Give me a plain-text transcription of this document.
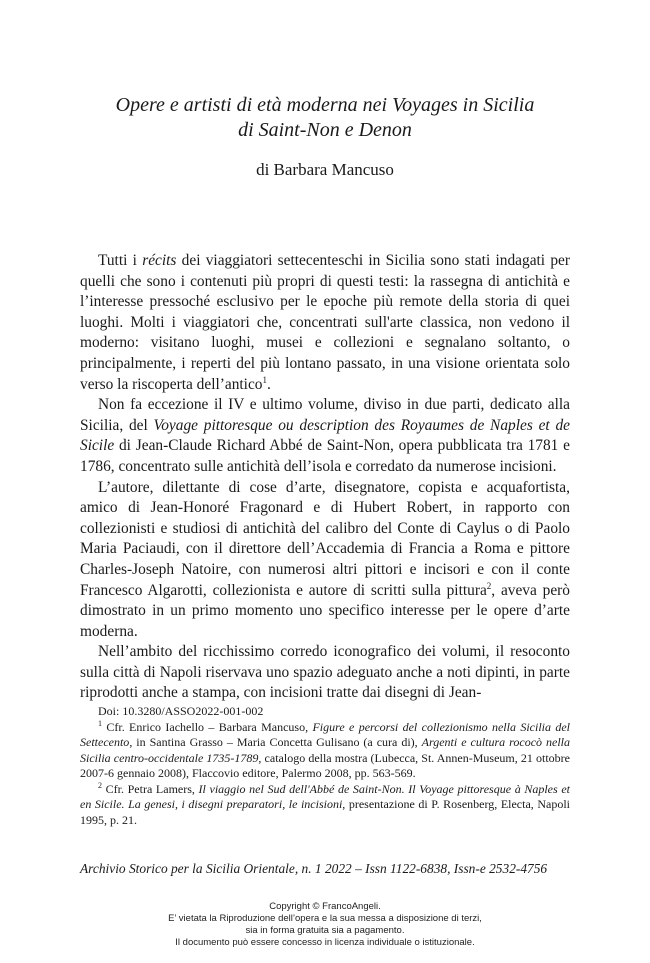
Opere e artisti di età moderna nei Voyages in Sicilia
di Saint-Non e Denon
di Barbara Mancuso

Tutti i récits dei viaggiatori settecenteschi in Sicilia sono stati indagati per quelli che sono i contenuti più propri di questi testi: la rassegna di antichità e l’interesse pressoché esclusivo per le epoche più remote della storia di quei luoghi. Molti i viaggiatori che, concentrati sull'arte classica, non vedono il moderno: visitano luoghi, musei e collezioni e segnalano soltanto, o principalmente, i reperti del più lontano passato, in una visione orientata solo verso la riscoperta dell’antico$^1$.

Non fa eccezione il IV e ultimo volume, diviso in due parti, dedicato alla Sicilia, del Voyage pittoresque ou description des Royaumes de Naples et de Sicile di Jean-Claude Richard Abbé de Saint-Non, opera pubblicata tra 1781 e 1786, concentrato sulle antichità dell’isola e corredato da numerose incisioni.

L’autore, dilettante di cose d’arte, disegnatore, copista e acquafortista, amico di Jean-Honoré Fragonard e di Hubert Robert, in rapporto con collezionisti e studiosi di antichità del calibro del Conte di Caylus o di Paolo Maria Paciaudi, con il direttore dell’Accademia di Francia a Roma e pittore Charles-Joseph Natoire, con numerosi altri pittori e incisori e con il conte Francesco Algarotti, collezionista e autore di scritti sulla pittura$^2$, aveva però dimostrato in un primo momento uno specifico interesse per le opere d’arte moderna.

Nell’ambito del ricchissimo corredo iconografico dei volumi, il resoconto sulla città di Napoli riservava uno spazio adeguato anche a noti dipinti, in parte riprodotti anche a stampa, con incisioni tratte dai disegni di Jean-

Doi: 10.3280/ASSO2022-001-002

$^1$ Cfr. Enrico Iachello – Barbara Mancuso, Figure e percorsi del collezionismo nella Sicilia del Settecento, in Santina Grasso – Maria Concetta Gulisano (a cura di), Argenti e cultura rococò nella Sicilia centro-occidentale 1735-1789, catalogo della mostra (Lubecca, St. Annen-Museum, 21 ottobre 2007-6 gennaio 2008), Flaccovio editore, Palermo 2008, pp. 563-569.

$^2$ Cfr. Petra Lamers, Il viaggio nel Sud dell'Abbé de Saint-Non. Il Voyage pittoresque à Naples et en Sicile. La genesi, i disegni preparatori, le incisioni, presentazione di P. Rosenberg, Electa, Napoli 1995, p. 21.

Archivio Storico per la Sicilia Orientale, n. 1 2022 – Issn 1122-6838, Issn-e 2532-4756
Copyright © FrancoAngeli.
E’ vietata la Riproduzione dell’opera e la sua messa a disposizione di terzi,
sia in forma gratuita sia a pagamento.
Il documento può essere concesso in licenza individuale o istituzionale.
